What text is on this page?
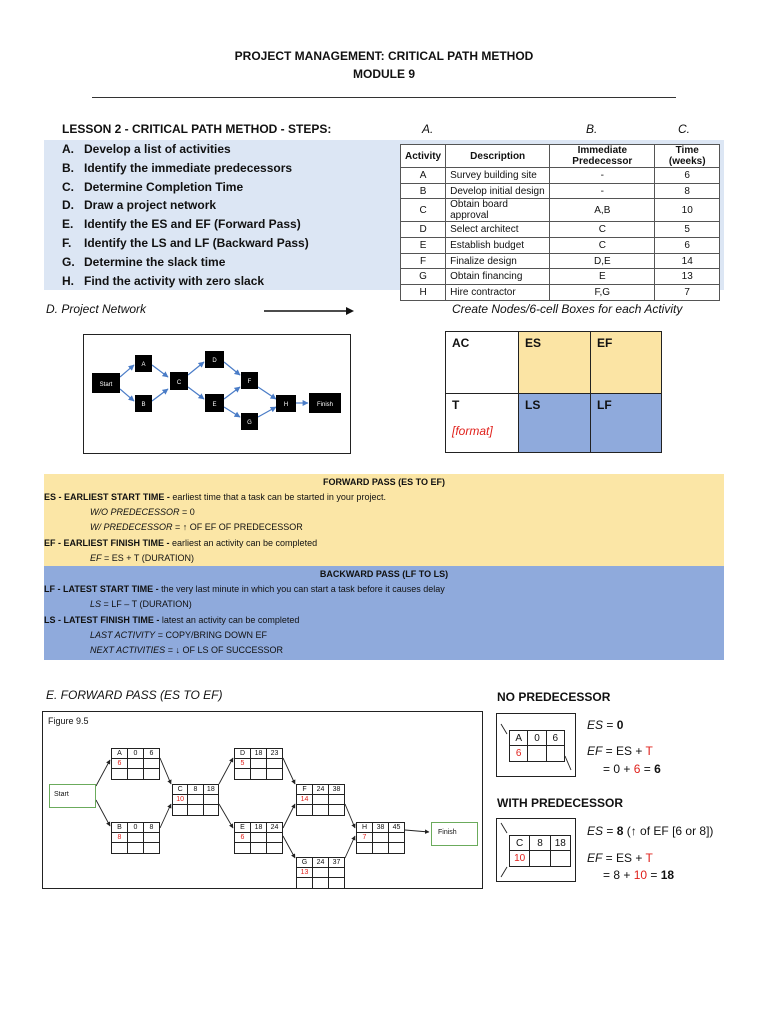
PROJECT MANAGEMENT: CRITICAL PATH METHOD
MODULE 9
LESSON 2 - CRITICAL PATH METHOD - STEPS:	A.	B.	C.
A. Develop a list of activities
B. Identify the immediate predecessors
C. Determine Completion Time
D. Draw a project network
E. Identify the ES and EF (Forward Pass)
F. Identify the LS and LF (Backward Pass)
G. Determine the slack time
H. Find the activity with zero slack
Activity	Description	Immediate Predecessor	Time (weeks)
A	Survey building site	-	6
B	Develop initial design	-	8
C	Obtain board approval	A,B	10
D	Select architect	C	5
E	Establish budget	C	6
F	Finalize design	D,E	14
G	Obtain financing	E	13
H	Hire contractor	F,G	7
D. Project Network	Create Nodes/6-cell Boxes for each Activity
Start
A
B
C
D
E
F
G
H	Finish
AC	ES	EF
T
[format]
LS	LF
FORWARD PASS (ES TO EF)
ES - EARLIEST START TIME - earliest time that a task can be started in your project.
W/O PREDECESSOR = 0
W/ PREDECESSOR = ↑ OF EF OF PREDECESSOR
EF - EARLIEST FINISH TIME - earliest an activity can be completed
EF = ES + T (DURATION)
BACKWARD PASS (LF TO LS)
LF - LATEST START TIME - the very last minute in which you can start a task before it causes delay
LS = LF – T (DURATION)
LS - LATEST FINISH TIME - latest an activity can be completed
LAST ACTIVITY = COPY/BRING DOWN EF
NEXT ACTIVITIES = ↓ OF LS OF SUCCESSOR
E. FORWARD PASS (ES TO EF)
Figure 9.5
Start
Finish
A	0	6
6
B	0	8
8
C	8	18
10
D	18	23
5
E	18	24
6
F	24	38
14
G	24	37
13
H	38	45
7
NO PREDECESSOR
A	0	6
6
ES = 0
EF = ES + T
= 0 + 6 = 6
WITH PREDECESSOR
C	8	18
10
ES = 8 (↑ of EF [6 or 8])
EF = ES + T
= 8 + 10 = 18
